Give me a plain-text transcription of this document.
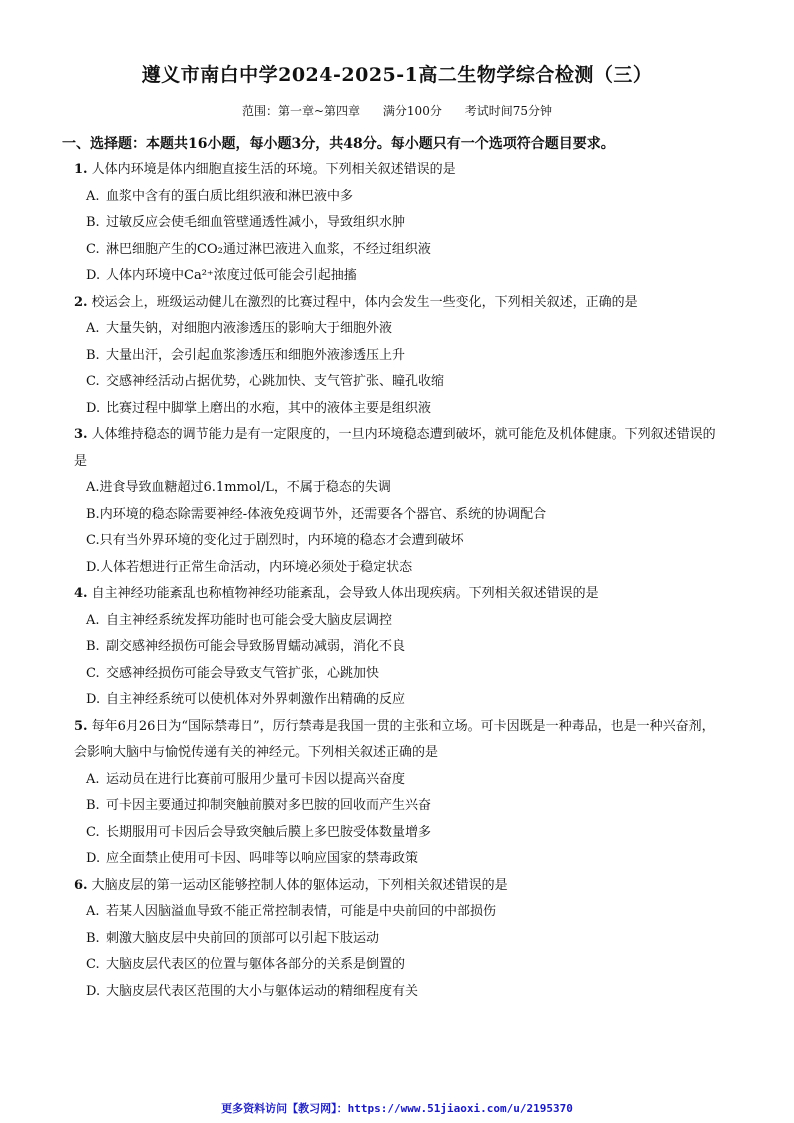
遵义市南白中学2024-2025-1高二生物学综合检测（三）
范围：第一章~第四章      满分100分      考试时间75分钟
一、选择题：本题共16小题，每小题3分，共48分。每小题只有一个选项符合题目要求。

1. 人体内环境是体内细胞直接生活的环境。下列相关叙述错误的是

A. 血浆中含有的蛋白质比组织液和淋巴液中多

B. 过敏反应会使毛细血管壁通透性减小，导致组织水肿

C. 淋巴细胞产生的CO₂通过淋巴液进入血浆，不经过组织液

D. 人体内环境中Ca²⁺浓度过低可能会引起抽搐

2. 校运会上，班级运动健儿在激烈的比赛过程中，体内会发生一些变化，下列相关叙述，正确的是

A. 大量失钠，对细胞内液渗透压的影响大于细胞外液

B. 大量出汗，会引起血浆渗透压和细胞外液渗透压上升

C. 交感神经活动占据优势，心跳加快、支气管扩张、瞳孔收缩

D. 比赛过程中脚掌上磨出的水疱，其中的液体主要是组织液

3. 人体维持稳态的调节能力是有一定限度的，一旦内环境稳态遭到破坏，就可能危及机体健康。下列叙述错误的是

A.进食导致血糖超过6.1mmol/L，不属于稳态的失调

B.内环境的稳态除需要神经-体液免疫调节外，还需要各个器官、系统的协调配合

C.只有当外界环境的变化过于剧烈时，内环境的稳态才会遭到破坏

D.人体若想进行正常生命活动，内环境必须处于稳定状态

4. 自主神经功能紊乱也称植物神经功能紊乱，会导致人体出现疾病。下列相关叙述错误的是

A. 自主神经系统发挥功能时也可能会受大脑皮层调控

B. 副交感神经损伤可能会导致肠胃蠕动减弱，消化不良

C. 交感神经损伤可能会导致支气管扩张，心跳加快

D. 自主神经系统可以使机体对外界刺激作出精确的反应

5. 每年6月26日为“国际禁毒日”，厉行禁毒是我国一贯的主张和立场。可卡因既是一种毒品，也是一种兴奋剂，会影响大脑中与愉悦传递有关的神经元。下列相关叙述正确的是

A. 运动员在进行比赛前可服用少量可卡因以提高兴奋度

B. 可卡因主要通过抑制突触前膜对多巴胺的回收而产生兴奋

C. 长期服用可卡因后会导致突触后膜上多巴胺受体数量增多

D. 应全面禁止使用可卡因、吗啡等以响应国家的禁毒政策

6. 大脑皮层的第一运动区能够控制人体的躯体运动，下列相关叙述错误的是

A. 若某人因脑溢血导致不能正常控制表情，可能是中央前回的中部损伤

B. 刺激大脑皮层中央前回的顶部可以引起下肢运动

C. 大脑皮层代表区的位置与躯体各部分的关系是倒置的

D. 大脑皮层代表区范围的大小与躯体运动的精细程度有关

更多资料访问【教习网】：https://www.51jiaoxi.com/u/2195370
